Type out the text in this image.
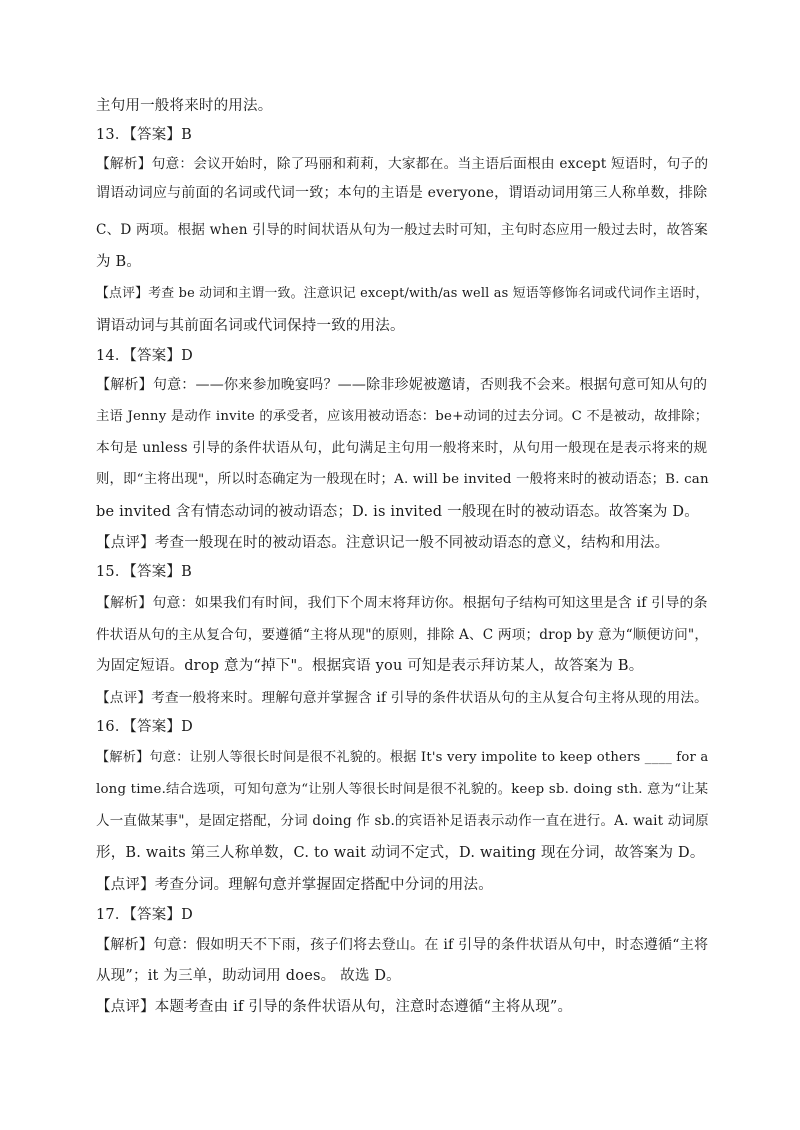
主句用一般将来时的用法。
13．【答案】B
【解析】句意：会议开始时，除了玛丽和莉莉，大家都在。当主语后面根由 except 短语时，句子的
谓语动词应与前面的名词或代词一致；本句的主语是 everyone，谓语动词用第三人称单数，排除
C、D 两项。根据 when 引导的时间状语从句为一般过去时可知，主句时态应用一般过去时，故答案
为 B。
【点评】考查 be 动词和主谓一致。注意识记 except/with/as well as 短语等修饰名词或代词作主语时，
谓语动词与其前面名词或代词保持一致的用法。
14．【答案】D
【解析】句意：——你来参加晚宴吗？——除非珍妮被邀请，否则我不会来。根据句意可知从句的
主语 Jenny 是动作 invite 的承受者，应该用被动语态：be+动词的过去分词。C 不是被动，故排除；
本句是 unless 引导的条件状语从句，此句满足主句用一般将来时，从句用一般现在是表示将来的规
则，即“主将出现"，所以时态确定为一般现在时；A. will be invited 一般将来时的被动语态；B. can
be invited 含有情态动词的被动语态；D. is invited 一般现在时的被动语态。故答案为 D。
【点评】考查一般现在时的被动语态。注意识记一般不同被动语态的意义，结构和用法。
15．【答案】B
【解析】句意：如果我们有时间，我们下个周末将拜访你。根据句子结构可知这里是含 if 引导的条
件状语从句的主从复合句，要遵循“主将从现"的原则，排除 A、C 两项；drop by 意为“顺便访问"，
为固定短语。drop 意为“掉下"。根据宾语 you 可知是表示拜访某人，故答案为 B。
【点评】考查一般将来时。理解句意并掌握含 if 引导的条件状语从句的主从复合句主将从现的用法。
16．【答案】D
【解析】句意：让别人等很长时间是很不礼貌的。根据 It's very impolite to keep others ____ for a
long time.结合选项，可知句意为“让别人等很长时间是很不礼貌的。keep sb. doing sth. 意为“让某
人一直做某事"，是固定搭配，分词 doing 作 sb.的宾语补足语表示动作一直在进行。A. wait 动词原
形，B. waits 第三人称单数，C. to wait 动词不定式，D. waiting 现在分词，故答案为 D。
【点评】考查分词。理解句意并掌握固定搭配中分词的用法。
17．【答案】D
【解析】句意：假如明天不下雨，孩子们将去登山。在 if 引导的条件状语从句中，时态遵循“主将
从现”；it 为三单，助动词用 does。 故选 D。
【点评】本题考查由 if 引导的条件状语从句，注意时态遵循“主将从现”。
